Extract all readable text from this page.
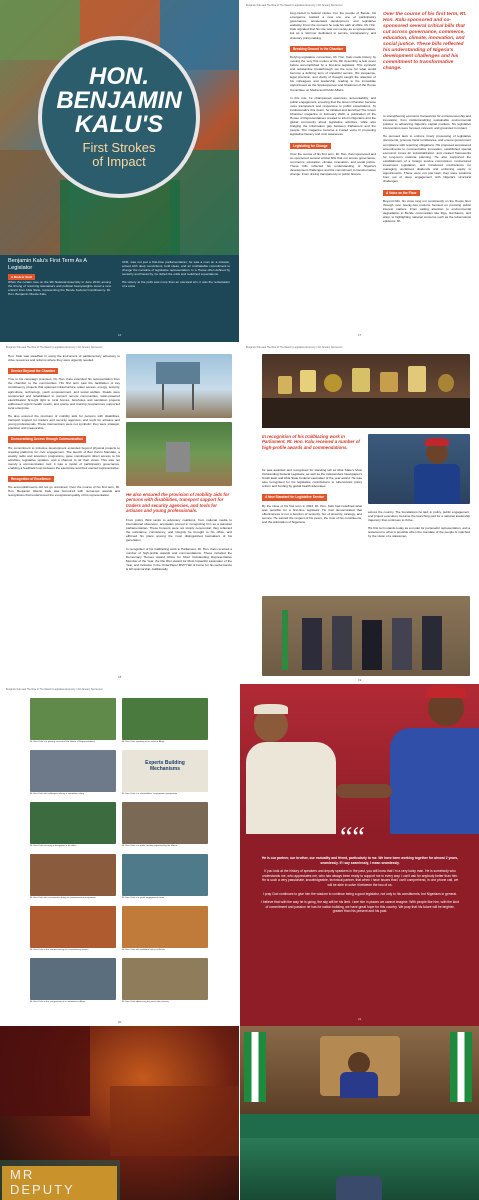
HON.
BENJAMIN
KALU'S
First Strokes
of Impact
Benjamin Kalu's First Term As A Legislator
A Modest Start
When the curtain rose on the 9th National Assembly in June 2019, among the throng of returning lawmakers and political heavyweights stood a new entrant from Abia State, representing the Bende Federal Constituency. Rt. Hon. Benjamin Okezie Kalu,

CFR, was not just a first-time parliamentarian; he was a man on a mission, armed with deep convictions, bold ideas, and an unshakable commitment to change the narrative of legislative representation. In a House often defined by seniority and hierarchy, he defied the odds and redefined expectations.

His victory at the polls was more than an electoral win; it was the reclamation of a voice

16
Benjamin Kalu and The Rise of The Nation's Legislative Economy | 3rd January Sponsored

long-muted in federal circles. For the people of Bende, his emergence marked a new era: one of participatory governance, accelerated development, and legislative audacity. From the moment he took his oath of office, Rt. Hon. Kalu signaled that his role was not merely as a representative, but as a reformer dedicated to service, transparency, and visionary policymaking.

Breaking Ground in the Chamber

Defying legislative convention, Rt. Hon. Kalu made history by moving the very first motion of the 9th Assembly, a feat never before accomplished by a first-time legislator. This symbolic and substantive breakthrough set the tone for what would become a defining term of impactful service. His eloquence, legal precision, and clarity of thought caught the attention of his colleagues and leadership, leading to his immediate appointment as the Spokesperson and Chairman of the House Committee on Media and Public Affairs.

In this role, he championed openness, accountability, and public engagement, ensuring that the Green Chamber became more transparent and responsive to public expectations. To institutionalize this vision, he initiated and launched The Green Chamber magazine in February 2020, a publication of the House of Representatives created to inform Nigerians and the global community about legislative activities, while also bridging the information gap between Parliament and the people. The magazine became a trusted voice in promoting legislative literacy and civic awareness.

Legislating for Change

Over the course of his first term, Rt. Hon. Kalu sponsored and co-sponsored several critical bills that cut across governance, commerce, education, climate, innovation, and social justice. These bills reflected his understanding of Nigeria's development challenges and his commitment to transformative change. From driving transparency in public finance

Over the course of his first term, Rt. Hon. Kalu sponsored and co-sponsored several critical bills that cut across governance, commerce, education, climate, innovation, and social justice. These bills reflected his understanding of Nigeria's development challenges and his commitment to transformative change.

to strengthening economic frameworks for entrepreneurship and innovation, from institutionalizing sustainable environmental policies to advancing Nigeria's capital markets, his legislative interventions were focused, relevant, and grounded in impact.

He pursued laws to enforce timely processing of legislative documents, promote fiscal remittances, and ensure government compliance with reporting obligations. His proposed empowered amendments to commercialize innovation, established special economic zones for industrialization, and created frameworks for long-term national planning. He also supported the establishment of a foreign service commission, restructured investment legislation, and introduced mechanisms for managing unclaimed dividends and enforcing equity in appointments. These were not just laws; they were solutions born out of deep engagement with Nigeria's structural challenges.

A Voice on the Floor

Beyond bills, his voice rang out consistently on the House floor through over twenty-two motions focused on pressing public interest matters. From calling attention to environmental degradation in Bende communities like Itigo, Itumbauzo, and Alayi, to highlighting national concerns such as the tuberculosis epidemic, Rt.

17
Benjamin Kalu and The Rise of The Nation's Legislative Economy | 3rd January Sponsored

Hon. Kalu was steadfast in using the instrument of parliamentary advocacy to drive resources and reforms where they were urgently needed.

Service Beyond the Chamber

True to his campaign promises, Rt. Hon. Kalu extended his representation from the chamber to the communities. His first term saw the facilitation of key constituency projects that spanned infrastructure, water access, energy, security, agriculture, technology, youth empowerment, and social welfare. Roads were constructed and rehabilitated to connect remote communities, solar-powered electrification brought light to rural homes, boreholes and sanitation projects addressed urgent health needs, and grants and training programmes supported local enterprise.

He also ensured the provision of mobility aids for persons with disabilities, transport support for traders and security agencies, and tools for artisans and young professionals. These interventions were not symbolic; they were strategic, practical, and measurable.

Democratizing Access through Communication

His commitment to inclusive development extended beyond physical projects to creating platforms for civic engagement. The launch of Ben Kalu's Mandate, a weekly radio and television programme, gave constituents direct access to his activities, legislative updates, and a channel to air their views. This was not merely a communication tool; it was a model of participatory governance, enabling a feedback loop between the electorate and their elected representative.

Recognition of Excellence

His accomplishments did not go unnoticed. Over the course of his first term, Rt. Hon. Benjamin Okezie Kalu was honoured with numerous awards and recognitions that underscored the exceptional quality of his representation.	He also ensured the provision of mobility aids for persons with disabilities, transport support for traders and security agencies, and tools for artisans and young professionals.

From policy think tanks to advocacy coalitions, from national media to international observers, accolades poured in recognizing him as a standout parliamentarian. These honours were not simply ceremonial; they reflected the substance, consistency, and integrity he brought to his office, and affirmed his place among the most distinguished lawmakers of his generation.

In recognition of his trailblazing work in Parliament, Rt. Hon. Kalu received a number of high-profile awards and commendations. These included the Democracy Heroes Award Africa for Most Outstanding Representative Member of the Year, the Rio Rico Award for Most Impactful Lawmaker of the Year, and inclusion in the OrderPaper MVP Hall of Fame for his performance & bill sponsorship. Additionally,

18
Benjamin Kalu and The Rise of The Nation's Legislative Economy | 3rd January Sponsored
In recognition of his trailblazing work in Parliament, Rt. Hon. Kalu received a number of high-profile awards and commendations.

he was awarded and recognised for standing tall as Abia State's Most Outstanding Federal Legislator, as well as the Independent Newspaper's South East and Abia State Federal Lawmaker of the year award. He was also recognised for his legislative contributions to tuberculosis policy reform and funding by global health advocates.

A New Standard for Legislative Service

By the close of his first term in 2023, Rt. Hon. Kalu had redefined what was possible for a first-time legislator. He had demonstrated that effectiveness is not a function of seniority, but of sincerity, strategy, and service. He earned the respect of his peers, the trust of his constituents, and the admiration of Nigerians

across the country. The foundations he laid; in policy, public engagement, and project execution, became the launching pad for a national leadership trajectory that continues to thrive.

His first term stands today as a model for purposeful representation, and a testament to what is possible when the mandate of the people is matched by the vision of a statesman.

19
Benjamin Kalu and The Rise of The Nation's Legislative Economy | 3rd January Sponsored
Rt. Hon. Kalu at a plenary session of the House of Representatives	Rt. Hon. Kalu speaking at an event in Abuja
Rt. Hon. Kalu with colleagues during a committee sitting
Experts Building Mechanisms
Rt. Hon. Kalu at a stakeholders' engagement programme
Rt. Hon. Kalu receiving a delegation in his office	Rt. Hon. Kalu at a public hearing organised by the House
Rt. Hon. Kalu with constituents during an empowerment programme	Rt. Hon. Kalu at a youth engagement forum
Rt. Hon. Kalu at the commissioning of a constituency project	Rt. Hon. Kalu with traditional rulers in Bende
Rt. Hon. Kalu at the inauguration of a committee in Abuja	Rt. Hon. Kalu addressing the press after plenary
20
““

He is our partner, our brother, our mutuality and friend, particularly to me. We have been working together for almost 2 years, seamlessly. If I say seamlessly, I mean seamlessly.

If you look at the history of speakers and deputy speakers in the past, you will know that I'm a very lucky man. He is somebody who understands me, who appreciates me, who has always been ready to support me in every way. I can't ask for anybody better than him. He is such a very passionate, knowledgeable, technical partner, that when I have issues that I can't comprehend, in one phone call, we will be able to solve it between the two of us.

I pray God continues to give him the wisdom to continue being a good legislator, not only to his constituents, but Nigerians in general.

I believe that with the way he is going, the sky will be his limit. I see him in places we cannot imagine. With people like him, with the kind of commitment and passion he has for nation building, we have great hope for this country. We pray that his future will be brighter, greater than his present and his past.

21
MR
DEPUTY
